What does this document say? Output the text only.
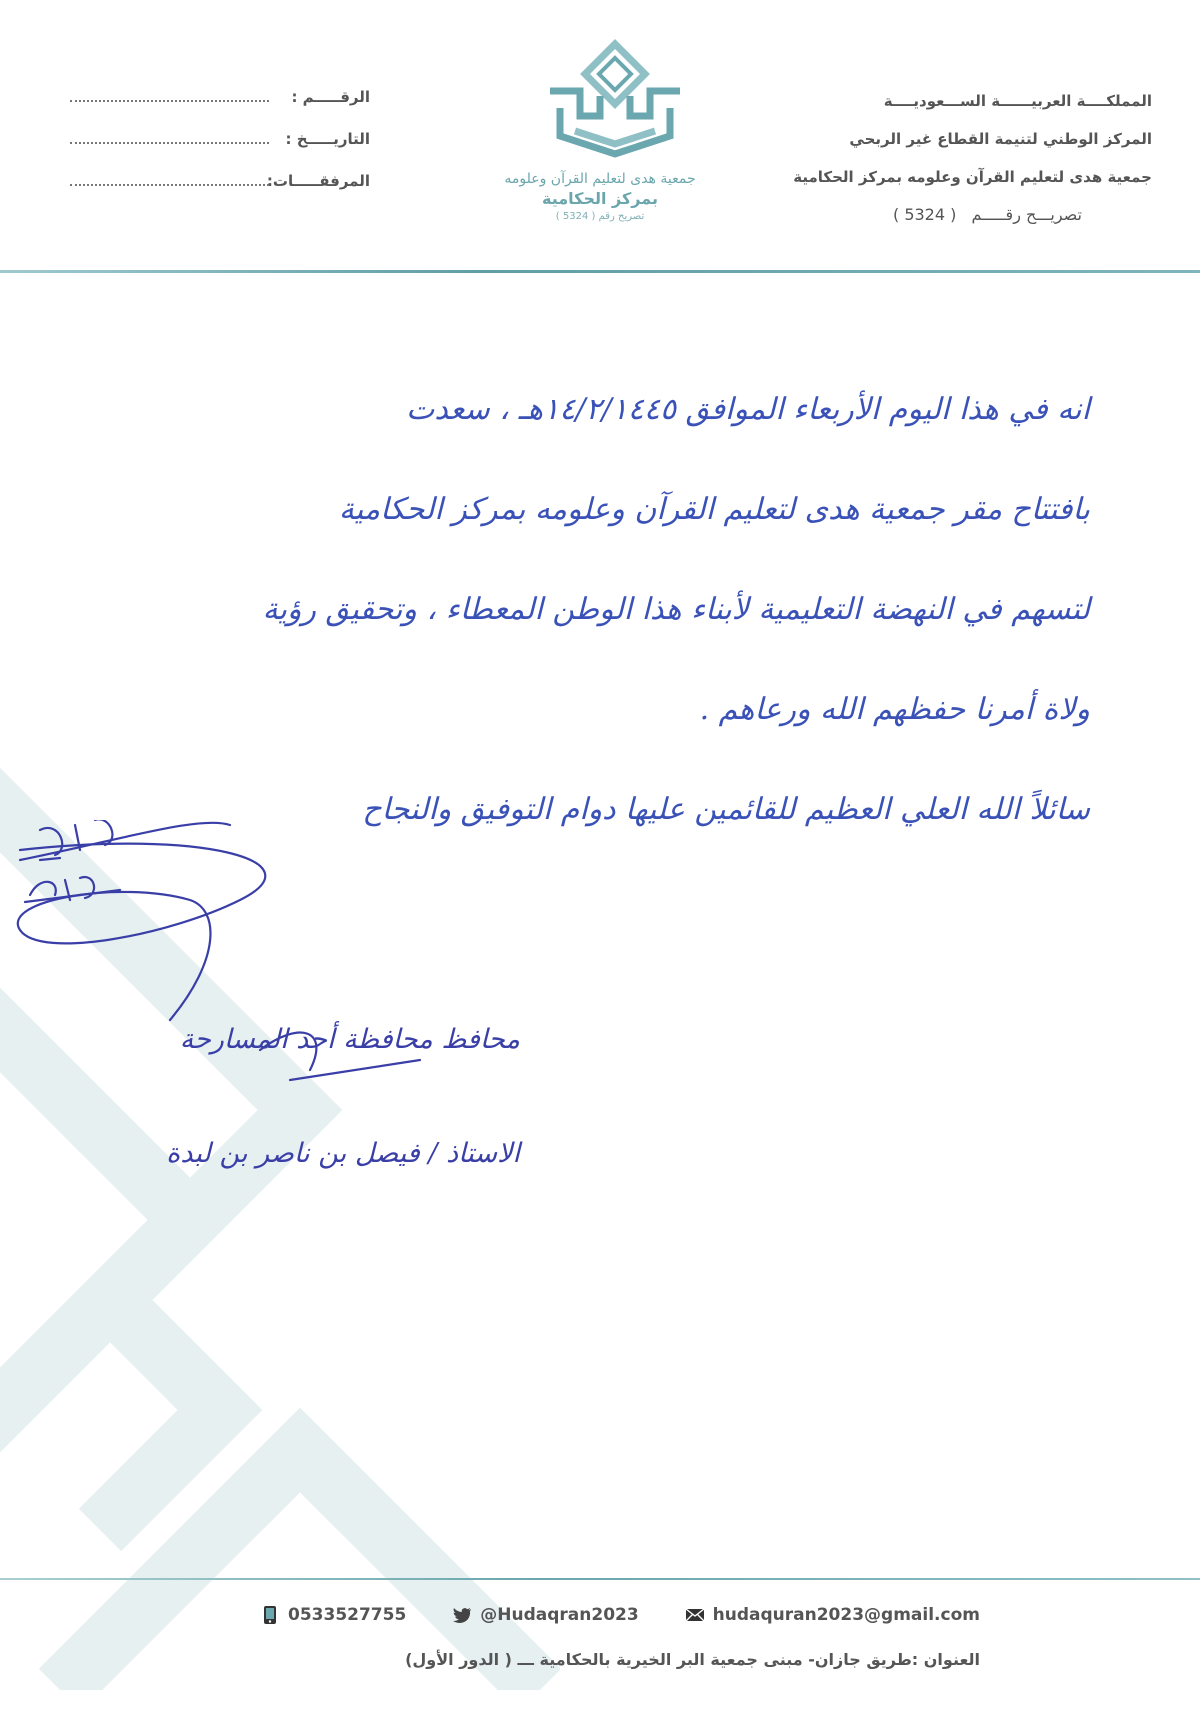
المملكــــة العربيــــــة الســـعوديــــة
المركز الوطني لتنيمة القطاع غير الربحي
جمعية هدى لتعليم القرآن وعلومه بمركز الحكامية
تصريـــح رقـــــم ( 5324 )
جمعية هدى لتعليم القرآن وعلومه
بمركز الحكامية
تصريح رقم ( 5324 )
الرقـــــم :
التاريـــــخ :
المرفقـــــات:
انه في هذا اليوم الأربعاء الموافق ١٤/٢/١٤٤٥هـ ، سعدت
بافتتاح مقر جمعية هدى لتعليم القرآن وعلومه بمركز الحكامية
لتسهم في النهضة التعليمية لأبناء هذا الوطن المعطاء ، وتحقيق رؤية
ولاة أمرنا حفظهم الله ورعاهم .
سائلاً الله العلي العظيم للقائمين عليها دوام التوفيق والنجاح
محافظ محافظة أحد المسارحة
الاستاذ / فيصل بن ناصر بن لبدة
0533527755	@Hudaqran2023	hudaquran2023@gmail.com
العنوان :طريق جازان- مبنى جمعية البر الخيرية بالحكامية ـــ ( الدور الأول)
